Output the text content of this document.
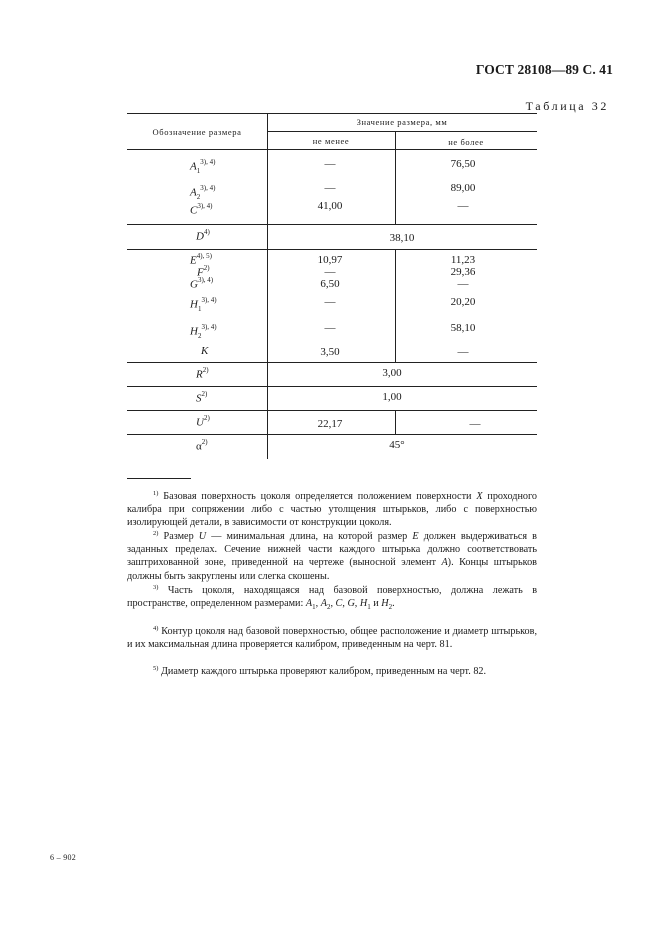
ГОСТ 28108—89 С. 41
Таблица 32
Обозначение размера
Значение размера, мм
не менее	не более
$A_1^{3), 4)}$	—	76,50
$A_2^{3), 4)}$	—	89,00
$C^{3), 4)}$	41,00	—
$D^{4)}$	38,10
$E^{4), 5)}$	10,97	11,23
$F^{2)}$	—	29,36
$G^{3), 4)}$	6,50	—
$H_1^{3), 4)}$	—	20,20
$H_2^{3), 4)}$	—	58,10
K	3,50	—
$R^{2)}$	3,00
$S^{2)}$	1,00
$U^{2)}$	22,17	—
$\alpha^{2)}$	45°
$^{1)}$ Базовая поверхность цоколя определяется положением поверхности X проходного калибра при сопряжении либо с частью утолщения штырьков, либо с поверхностью изолирующей детали, в зависимости от конструкции цоколя.
$^{2)}$ Размер U — минимальная длина, на которой размер E должен выдерживаться в заданных пределах. Сечение нижней части каждого штырька должно соответствовать заштрихованной зоне, приведенной на чертеже (выносной элемент A). Концы штырьков должны быть закруглены или слегка скошены.
$^{3)}$ Часть цоколя, находящаяся над базовой поверхностью, должна лежать в пространстве, определенном размерами: $A_1$, $A_2$, C, G, $H_1$ и $H_2$.
$^{4)}$ Контур цоколя над базовой поверхностью, общее расположение и диаметр штырьков, и их максимальная длина проверяется калибром, приведенным на черт. 81.
$^{5)}$ Диаметр каждого штырька проверяют калибром, приведенным на черт. 82.
6 – 902
